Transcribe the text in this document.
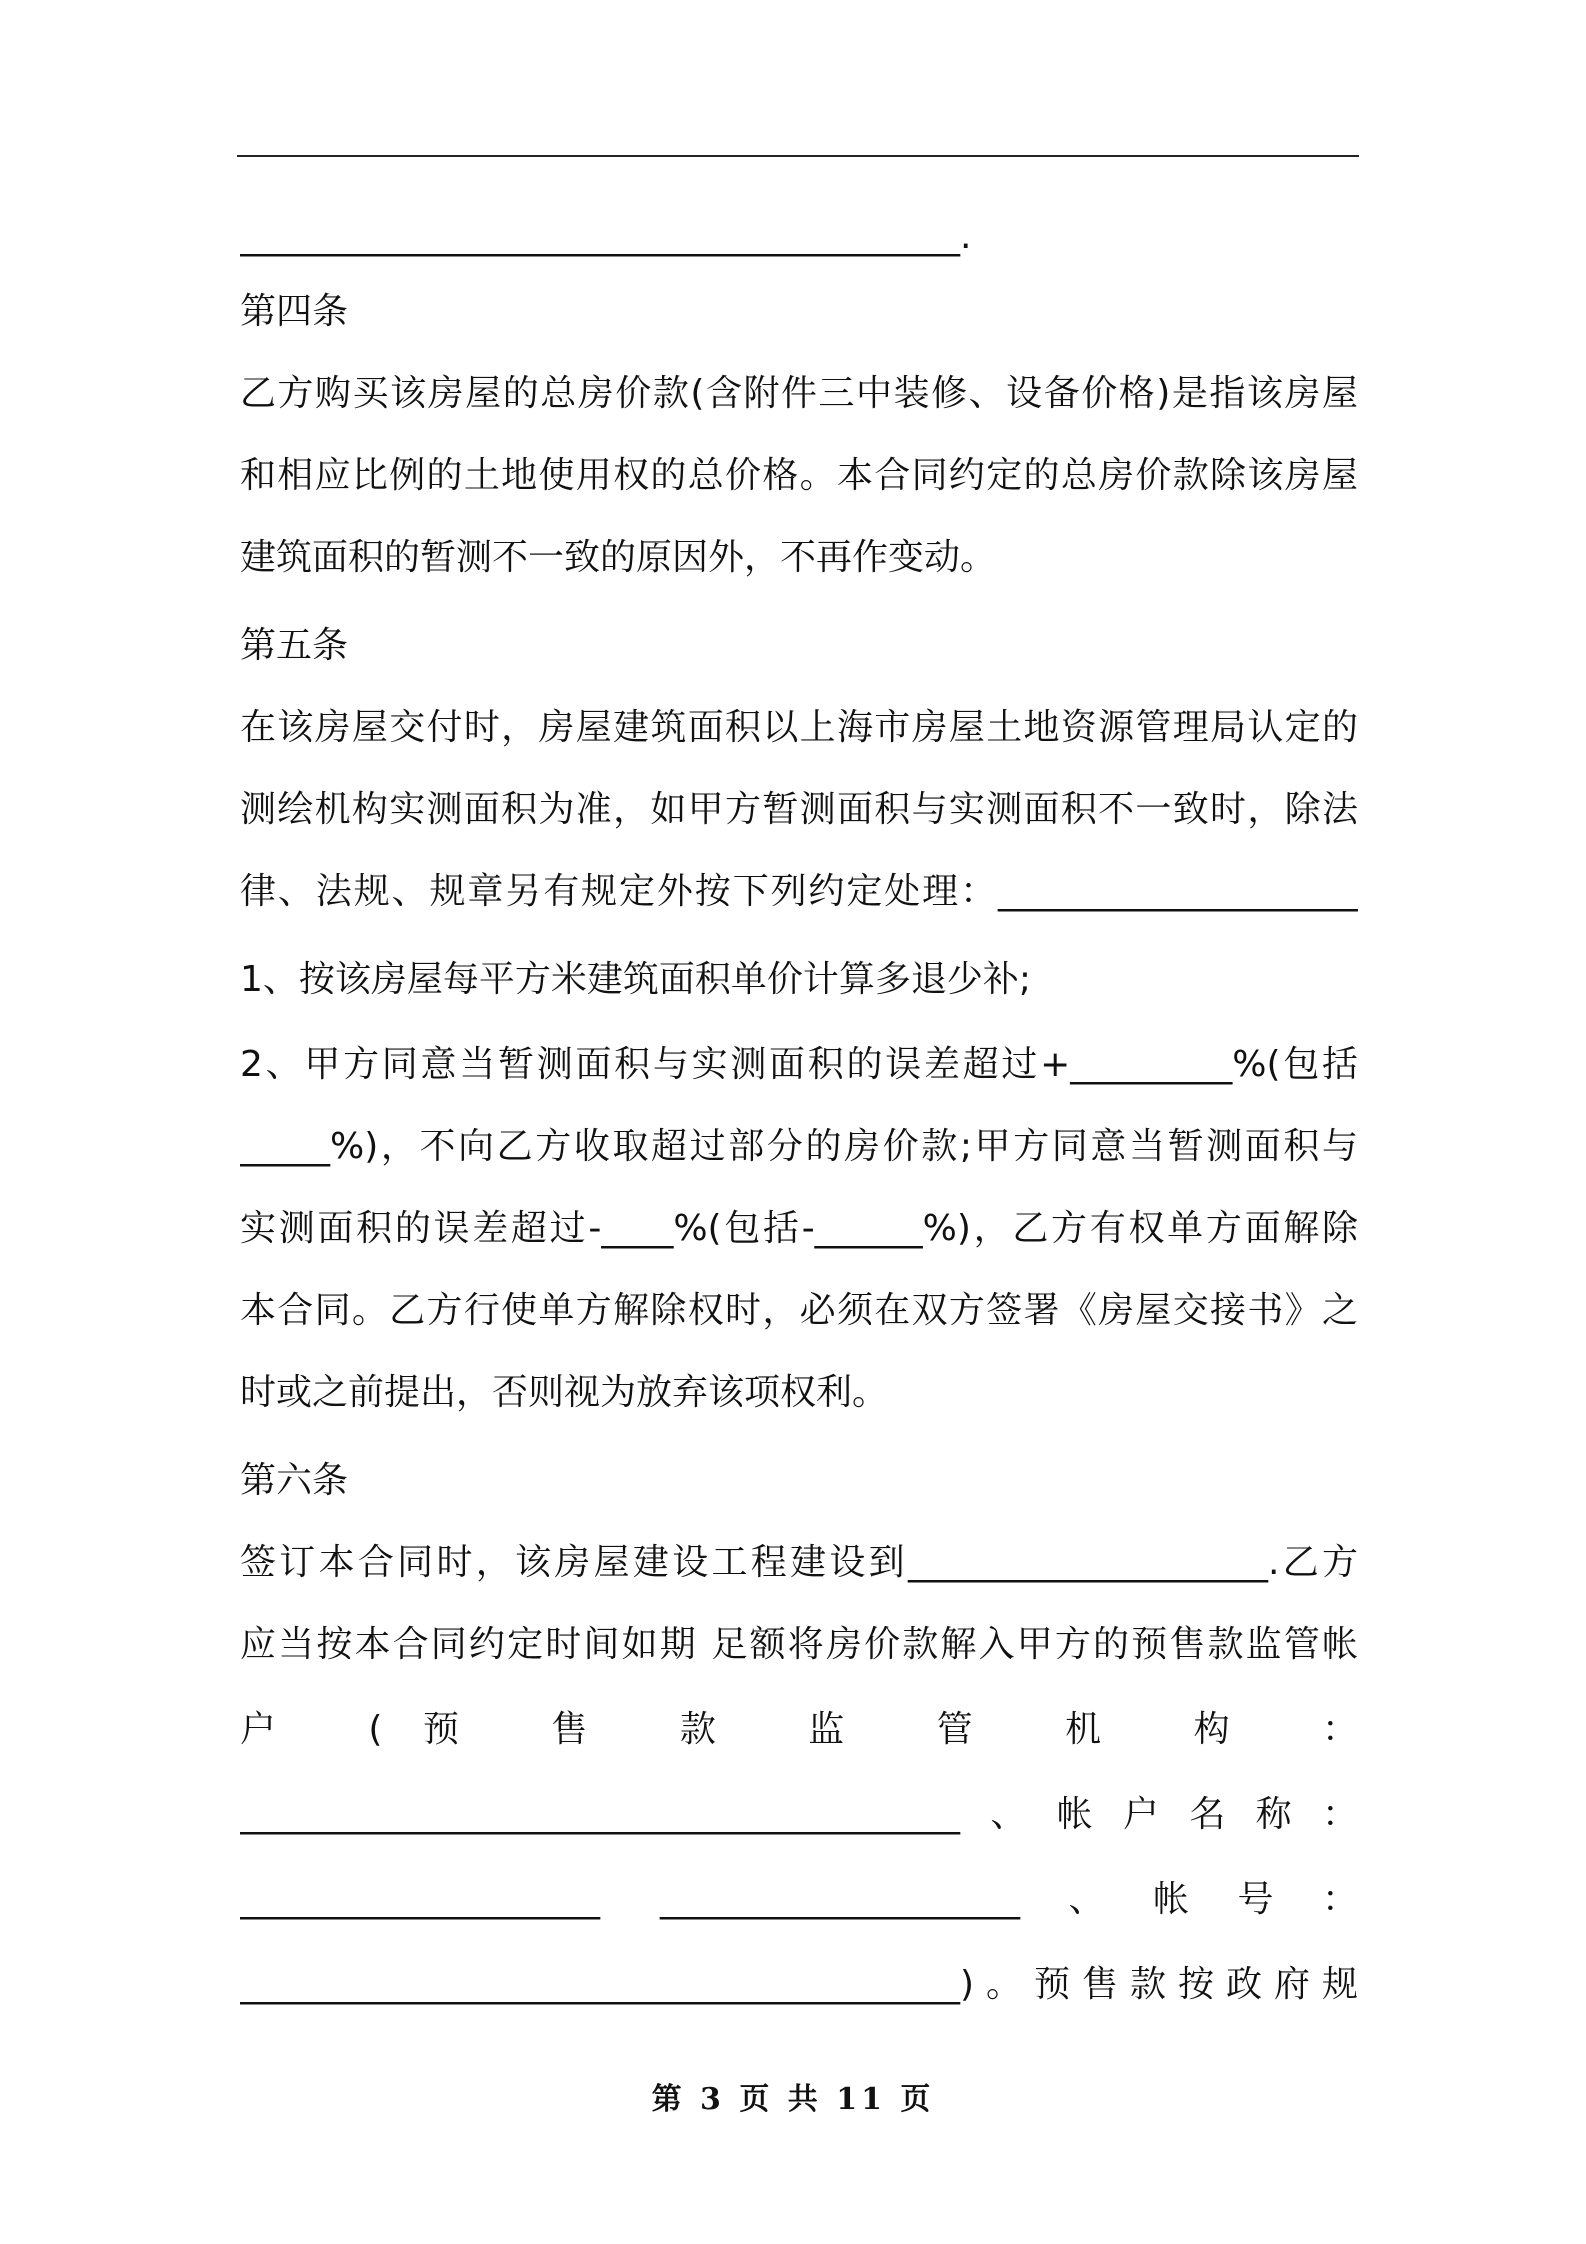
________________________________________.
第四条
乙方购买该房屋的总房价款(含附件三中装修、设备价格)是指该房屋
和相应比例的土地使用权的总价格。本合同约定的总房价款除该房屋
建筑面积的暂测不一致的原因外，不再作变动。
第五条
在该房屋交付时，房屋建筑面积以上海市房屋土地资源管理局认定的
测绘机构实测面积为准，如甲方暂测面积与实测面积不一致时，除法
律、法规、规章另有规定外按下列约定处理：____________________
1、按该房屋每平方米建筑面积单价计算多退少补;
2、甲方同意当暂测面积与实测面积的误差超过+_________%(包括
_____%)，不向乙方收取超过部分的房价款;甲方同意当暂测面积与
实测面积的误差超过-____%(包括-______%)，乙方有权单方面解除
本合同。乙方行使单方解除权时，必须在双方签署《房屋交接书》之
时或之前提出，否则视为放弃该项权利。
第六条
签订本合同时，该房屋建设工程建设到____________________.乙方
应当按本合同约定时间如期 足额将房价款解入甲方的预售款监管帐
户 (预 售 款 监 管 机 构 ：
________________________________________、帐户名称：
____________________ ____________________、帐号：
________________________________________)。预售款按政府规
第 3 页 共 11 页
